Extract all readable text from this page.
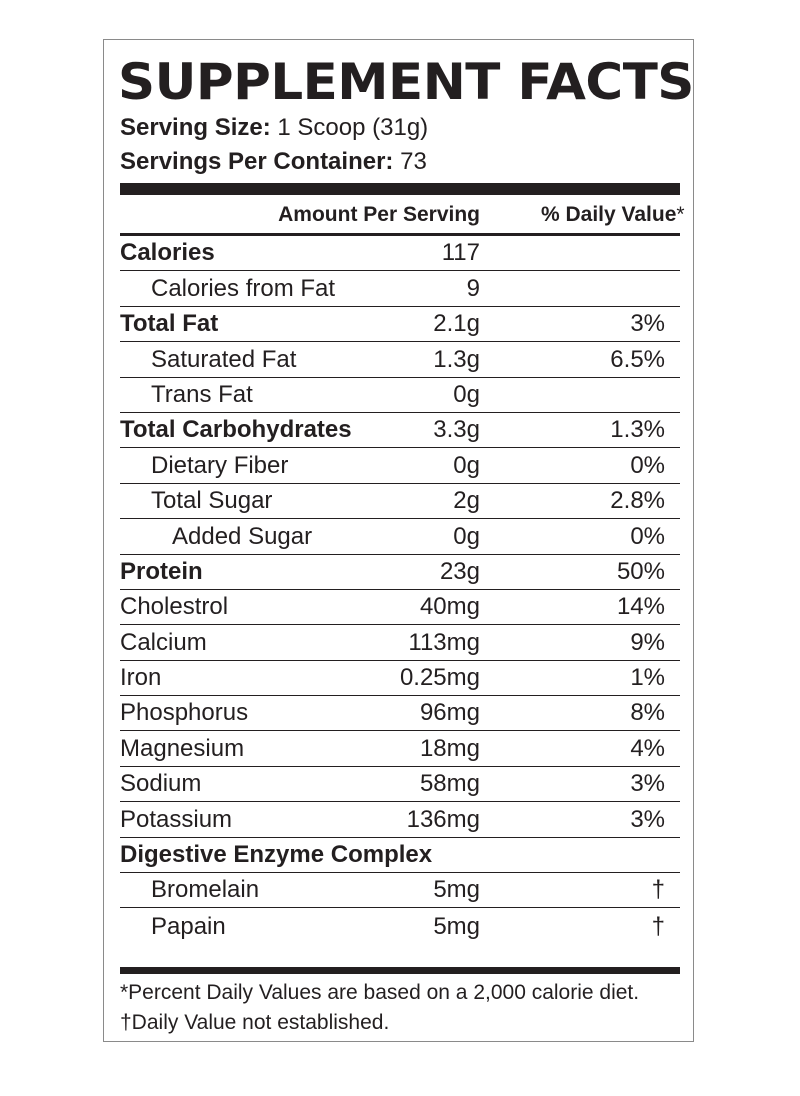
SUPPLEMENT FACTS
Serving Size: 1 Scoop (31g)
Servings Per Container: 73
Amount Per Serving	% Daily Value*
Calories	117
Calories from Fat	9
Total Fat	2.1g	3%
Saturated Fat	1.3g	6.5%
Trans Fat	0g
Total Carbohydrates	3.3g	1.3%
Dietary Fiber	0g	0%
Total Sugar	2g	2.8%
Added Sugar	0g	0%
Protein	23g	50%
Cholestrol	40mg	14%
Calcium	113mg	9%
Iron	0.25mg	1%
Phosphorus	96mg	8%
Magnesium	18mg	4%
Sodium	58mg	3%
Potassium	136mg	3%
Digestive Enzyme Complex
Bromelain	5mg	†
Papain	5mg	†
*Percent Daily Values are based on a 2,000 calorie diet.
†Daily Value not established.
